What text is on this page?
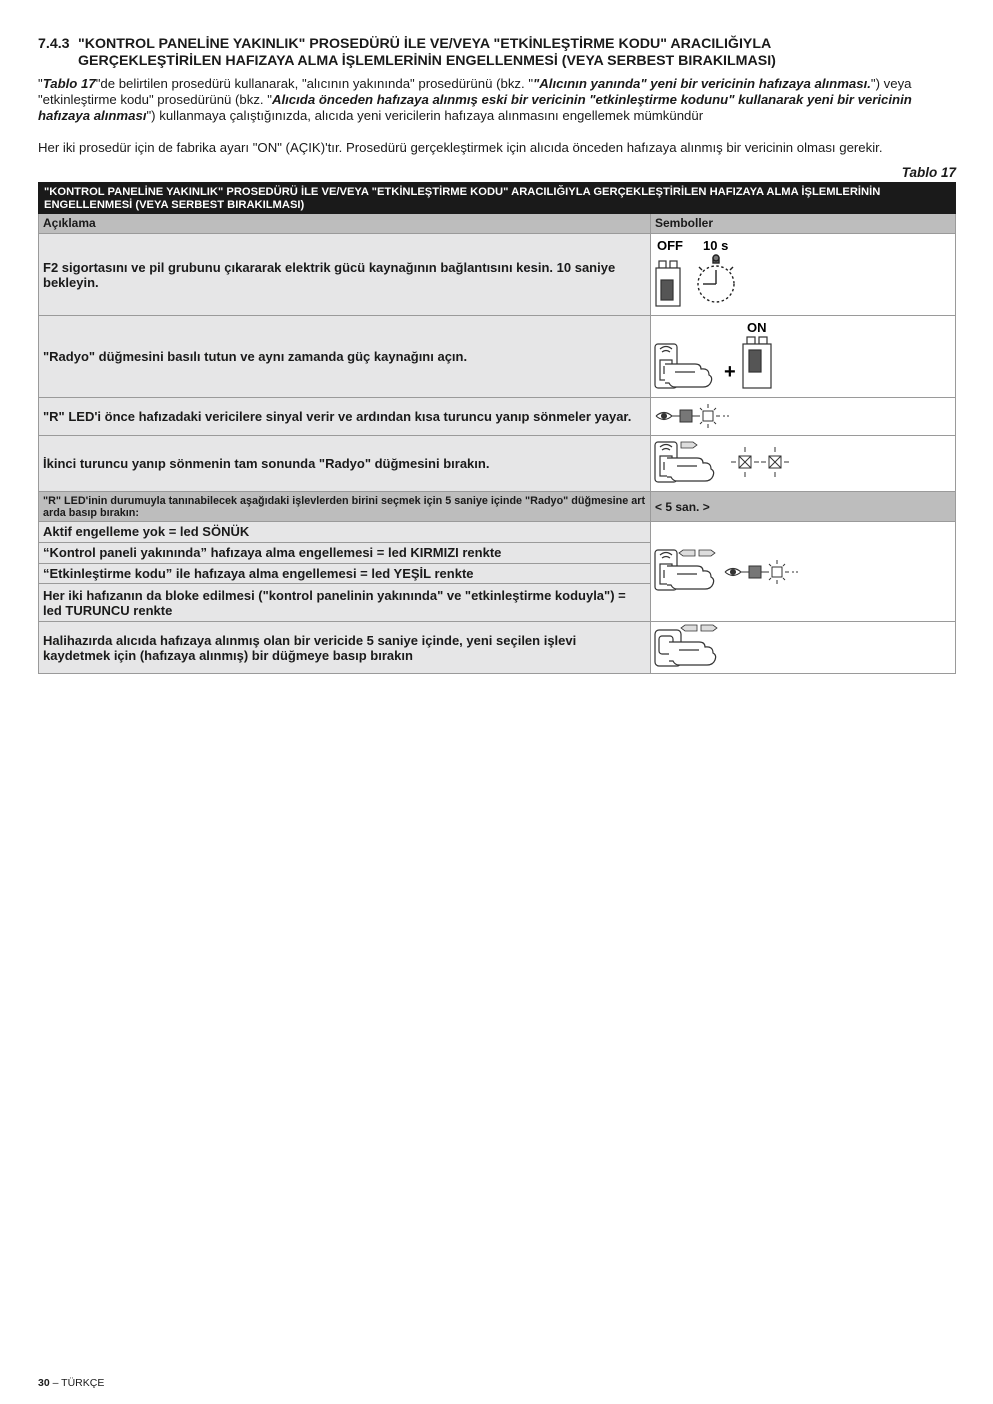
7.4.3 "KONTROL PANELİNE YAKINLIK" PROSEDÜRÜ İLE VE/VEYA "ETKİNLEŞTİRME KODU" ARACILIĞIYLA
GERÇEKLEŞTİRİLEN HAFIZAYA ALMA İŞLEMLERİNİN ENGELLENMESİ (VEYA SERBEST BIRAKILMASI)
"Tablo 17"de belirtilen prosedürü kullanarak, "alıcının yakınında" prosedürünü (bkz. ""Alıcının yanında" yeni bir vericinin hafızaya alınması.") veya "etkinleştirme kodu" prosedürünü (bkz. "Alıcıda önceden hafızaya alınmış eski bir vericinin "etkinleştirme kodunu" kullanarak yeni bir vericinin hafızaya alınması") kullanmaya çalıştığınızda, alıcıda yeni vericilerin hafızaya alınmasını engellemek mümkündür
Her iki prosedür için de fabrika ayarı "ON" (AÇIK)'tır. Prosedürü gerçekleştirmek için alıcıda önceden hafızaya alınmış bir vericinin olması gerekir.
Tablo 17
"KONTROL PANELİNE YAKINLIK" PROSEDÜRÜ İLE VE/VEYA "ETKİNLEŞTİRME KODU" ARACILIĞIYLA GERÇEKLEŞTİRİLEN HAFIZAYA ALMA İŞLEMLERİNİN ENGELLENMESİ (VEYA SERBEST BIRAKILMASI)	
Açıklama	Semboller
F2 sigortasını ve pil grubunu çıkararak elektrik gücü kaynağının bağlantısını kesin. 10 saniye bekleyin.	OFF 10 s

"Radyo" düğmesini basılı tutun ve aynı zamanda güç kaynağını açın.	ON
+

"R" LED'i önce hafızadaki vericilere sinyal verir ve ardından kısa turuncu yanıp sönmeler yayar.	
İkinci turuncu yanıp sönmenin tam sonunda "Radyo" düğmesini bırakın.	
"R" LED'inin durumuyla tanınabilecek aşağıdaki işlevlerden birini seçmek için 5 saniye içinde "Radyo" düğmesine art arda basıp bırakın:	< 5 san. >
Aktif engelleme yok = led SÖNÜK	
“Kontrol paneli yakınında” hafızaya alma engellemesi = led KIRMIZI renkte	
“Etkinleştirme kodu” ile hafızaya alma engellemesi = led YEŞİL renkte	
Her iki hafızanın da bloke edilmesi ("kontrol panelinin yakınında" ve "etkinleştirme koduyla") = led TURUNCU renkte	
Halihazırda alıcıda hafızaya alınmış olan bir vericide 5 saniye içinde, yeni seçilen işlevi kaydetmek için (hafızaya alınmış) bir düğmeye basıp bırakın	
30 – TÜRKÇE
